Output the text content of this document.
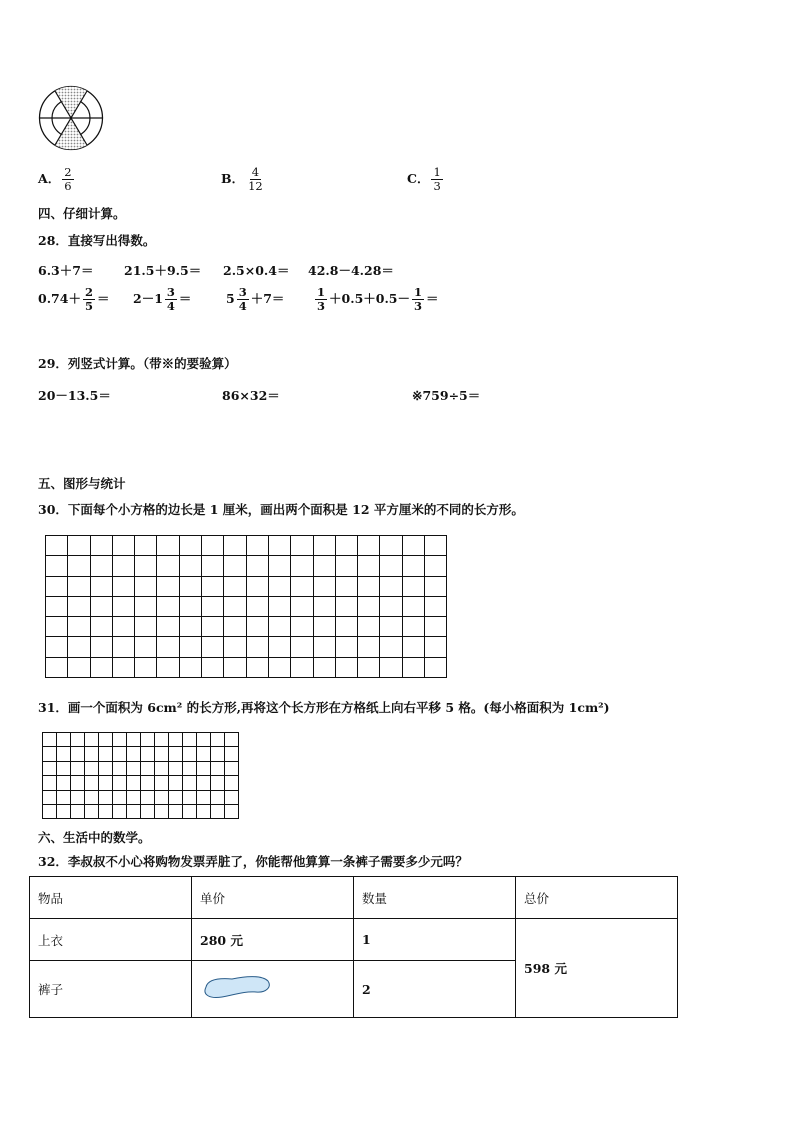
A． $\frac{2}{6}$	B． $\frac{4}{12}$	C． $\frac{1}{3}$
四、仔细计算。
28．直接写出得数。
6.3＋7＝ 21.5＋9.5＝ 2.5×0.4＝ 42.8－4.28＝
$0.74+ \frac{2}{5} = 2-1 \frac{3}{4}$ ＝	$5 \frac{3}{4} +7=$	$\frac{1}{3} +0.5+0.5- \frac{1}{3}$ ＝
29．列竖式计算。（带※的要验算）
20－13.5＝	86×32＝	※759÷5＝
五、图形与统计
30．下面每个小方格的边长是 1 厘米，画出两个面积是 12 平方厘米的不同的长方形。

31．画一个面积为 6cm² 的长方形,再将这个长方形在方格纸上向右平移 5 格。(每小格面积为 1cm²)

六、生活中的数学。
32．李叔叔不小心将购物发票弄脏了，你能帮他算算一条裤子需要多少元吗？
物品	单价	数量	总价
上衣	280 元	1	598 元
裤子		2	
